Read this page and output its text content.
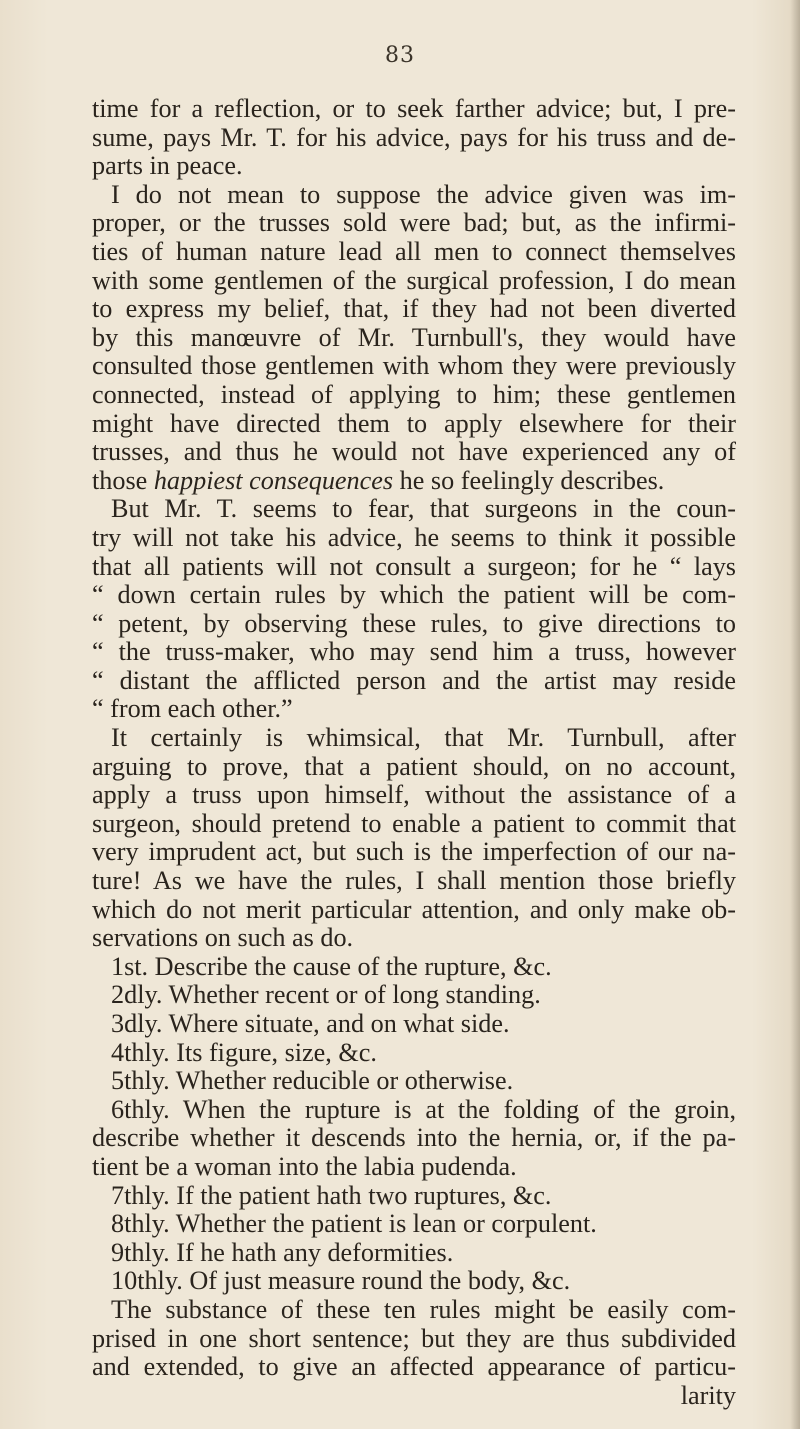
83
time for a reflection, or to seek farther advice; but, I pre-
sume, pays Mr. T. for his advice, pays for his truss and de-
parts in peace.
I do not mean to suppose the advice given was im-
proper, or the trusses sold were bad; but, as the infirmi-
ties of human nature lead all men to connect themselves
with some gentlemen of the surgical profession, I do mean
to express my belief, that, if they had not been diverted
by this manœuvre of Mr. Turnbull's, they would have
consulted those gentlemen with whom they were previously
connected, instead of applying to him; these gentlemen
might have directed them to apply elsewhere for their
trusses, and thus he would not have experienced any of
those happiest consequences he so feelingly describes.
But Mr. T. seems to fear, that surgeons in the coun-
try will not take his advice, he seems to think it possible
that all patients will not consult a surgeon; for he “ lays
“ down certain rules by which the patient will be com-
“ petent, by observing these rules, to give directions to
“ the truss-maker, who may send him a truss, however
“ distant the afflicted person and the artist may reside
“ from each other.”
It certainly is whimsical, that Mr. Turnbull, after
arguing to prove, that a patient should, on no account,
apply a truss upon himself, without the assistance of a
surgeon, should pretend to enable a patient to commit that
very imprudent act, but such is the imperfection of our na-
ture! As we have the rules, I shall mention those briefly
which do not merit particular attention, and only make ob-
servations on such as do.
1st. Describe the cause of the rupture, &c.
2dly. Whether recent or of long standing.
3dly. Where situate, and on what side.
4thly. Its figure, size, &c.
5thly. Whether reducible or otherwise.
6thly. When the rupture is at the folding of the groin,
describe whether it descends into the hernia, or, if the pa-
tient be a woman into the labia pudenda.
7thly. If the patient hath two ruptures, &c.
8thly. Whether the patient is lean or corpulent.
9thly. If he hath any deformities.
10thly. Of just measure round the body, &c.
The substance of these ten rules might be easily com-
prised in one short sentence; but they are thus subdivided
and extended, to give an affected appearance of particu-
larity
